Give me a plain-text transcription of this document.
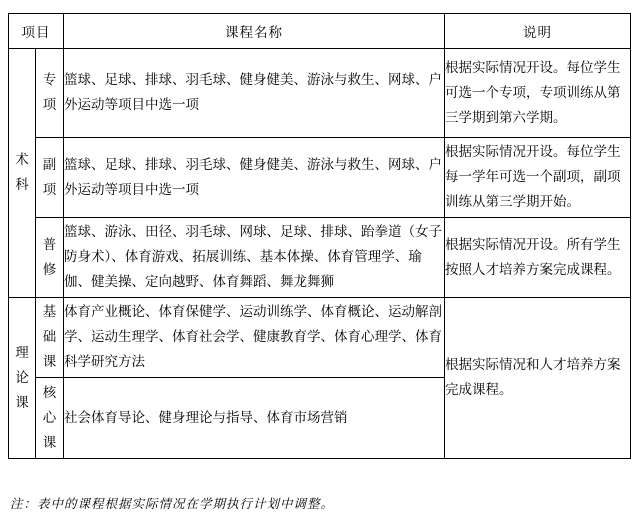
项目		课程名称	说明
术科	专项	篮球、足球、排球、羽毛球、健身健美、游泳与救生、网球、户外运动等项目中选一项	根据实际情况开设。每位学生可选一个专项，专项训练从第三学期到第六学期。
	副项	篮球、足球、排球、羽毛球、健身健美、游泳与救生、网球、户外运动等项目中选一项	根据实际情况开设。每位学生每一学年可选一个副项，副项训练从第三学期开始。
	普修	篮球、游泳、田径、羽毛球、网球、足球、排球、跆拳道（女子防身术）、体育游戏、拓展训练、基本体操、体育管理学、瑜伽、健美操、定向越野、体育舞蹈、舞龙舞狮	根据实际情况开设。所有学生按照人才培养方案完成课程。
理论课	基础课	体育产业概论、体育保健学、运动训练学、体育概论、运动解剖学、运动生理学、体育社会学、健康教育学、体育心理学、体育科学研究方法	根据实际情况和人才培养方案完成课程。
	核心课	社会体育导论、健身理论与指导、体育市场营销	
注：表中的课程根据实际情况在学期执行计划中调整。
